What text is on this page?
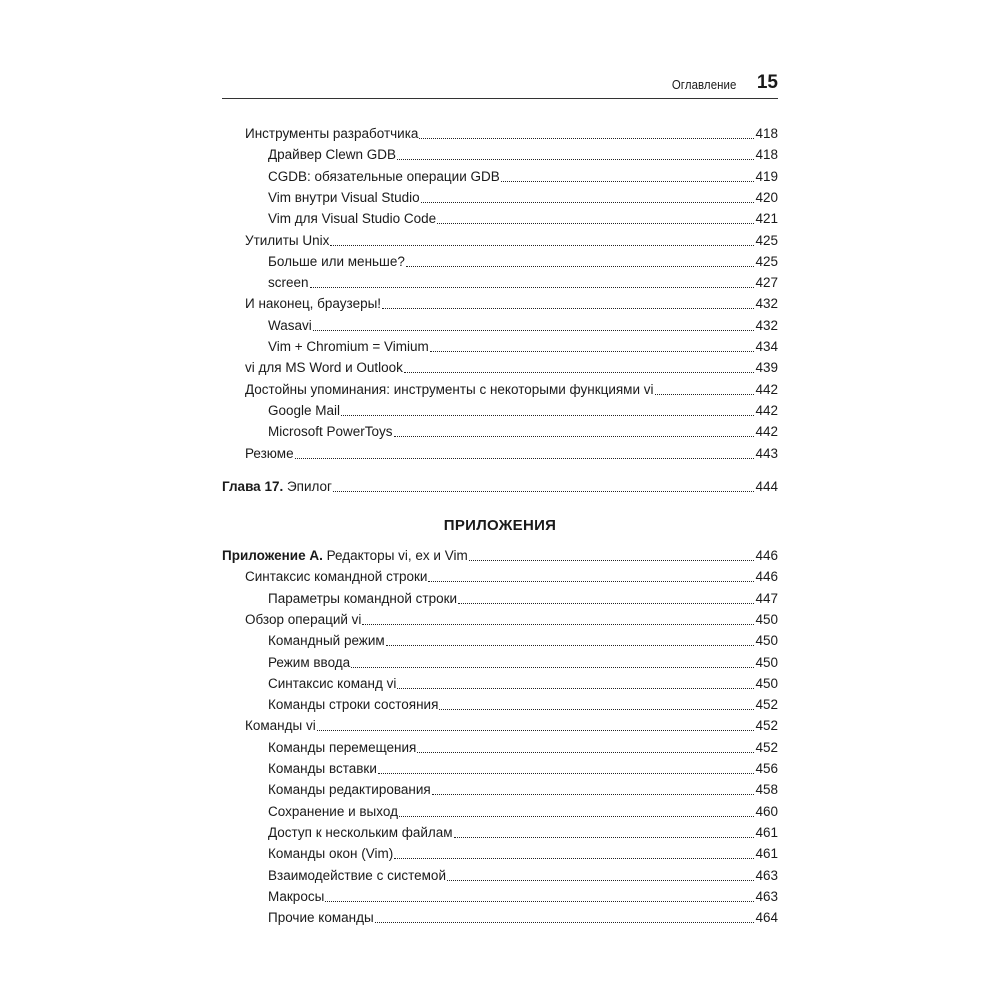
Оглавление 15
Инструменты разработчика	418
Драйвер Clewn GDB	418
CGDB: обязательные операции GDB	419
Vim внутри Visual Studio	420
Vim для Visual Studio Code	421
Утилиты Unix	425
Больше или меньше?	425
screen	427
И наконец, браузеры!	432
Wasavi	432
Vim + Chromium = Vimium	434
vi для MS Word и Outlook	439
Достойны упоминания: инструменты с некоторыми функциями vi	442
Google Mail	442
Microsoft PowerToys	442
Резюме	443
Глава 17. Эпилог	444
ПРИЛОЖЕНИЯ
Приложение А. Редакторы vi, ex и Vim	446
Синтаксис командной строки	446
Параметры командной строки	447
Обзор операций vi	450
Командный режим	450
Режим ввода	450
Синтаксис команд vi	450
Команды строки состояния	452
Команды vi	452
Команды перемещения	452
Команды вставки	456
Команды редактирования	458
Сохранение и выход	460
Доступ к нескольким файлам	461
Команды окон (Vim)	461
Взаимодействие с системой	463
Макросы	463
Прочие команды	464
